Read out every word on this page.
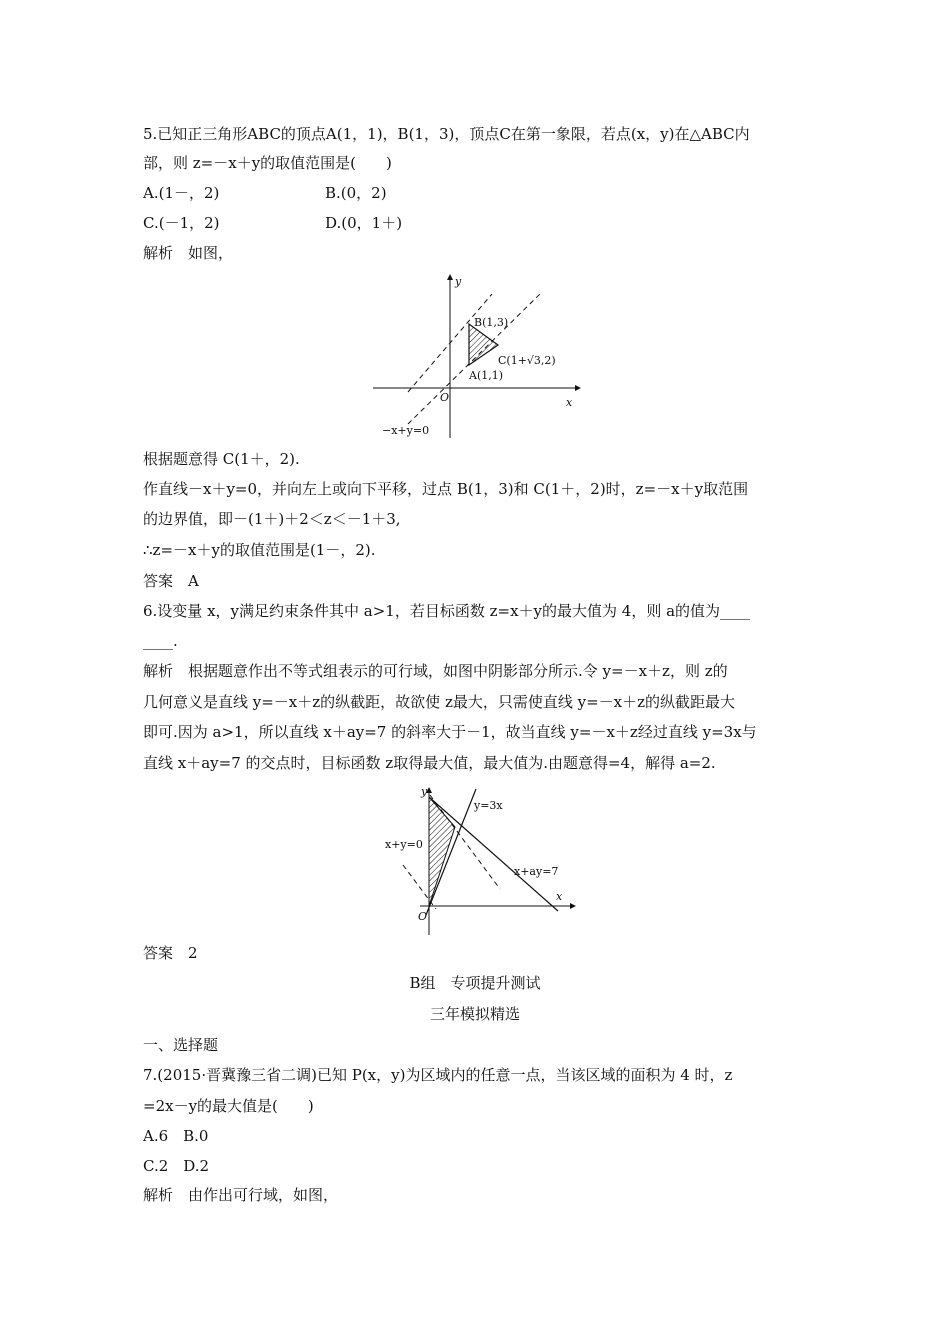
5.已知正三角形ABC的顶点A(1，1)，B(1，3)，顶点C在第一象限，若点(x，y)在△ABC内
部，则 z=－x＋y的取值范围是(　　)
A.(1－，2)	B.(0，2)
C.(－1，2)	D.(0，1＋)
解析　如图，
y
x
O
B(1,3)
C(1+√3,2)
A(1,1)
−x+y=0
根据题意得 C(1＋，2).
作直线－x＋y=0，并向左上或向下平移，过点 B(1，3)和 C(1＋，2)时，z=－x＋y取范围
的边界值，即－(1＋)＋2＜z＜－1＋3,
∴z=－x＋y的取值范围是(1－，2).
答案　A
6.设变量 x，y满足约束条件其中 a>1，若目标函数 z=x＋y的最大值为 4，则 a的值为____
____.
解析　根据题意作出不等式组表示的可行域，如图中阴影部分所示.令 y=－x＋z，则 z的
几何意义是直线 y=－x＋z的纵截距，故欲使 z最大，只需使直线 y=－x＋z的纵截距最大
即可.因为 a>1，所以直线 x＋ay=7 的斜率大于－1，故当直线 y=－x＋z经过直线 y=3x与
直线 x＋ay=7 的交点时，目标函数 z取得最大值，最大值为.由题意得=4，解得 a=2.
y
x
O
y=3x
x+y=0
x+ay=7
答案　2
B组　专项提升测试
三年模拟精选
一、选择题
7.(2015·晋冀豫三省二调)已知 P(x，y)为区域内的任意一点，当该区域的面积为 4 时，z
=2x－y的最大值是(　　)
A.6　B.0
C.2　D.2
解析　由作出可行域，如图，
